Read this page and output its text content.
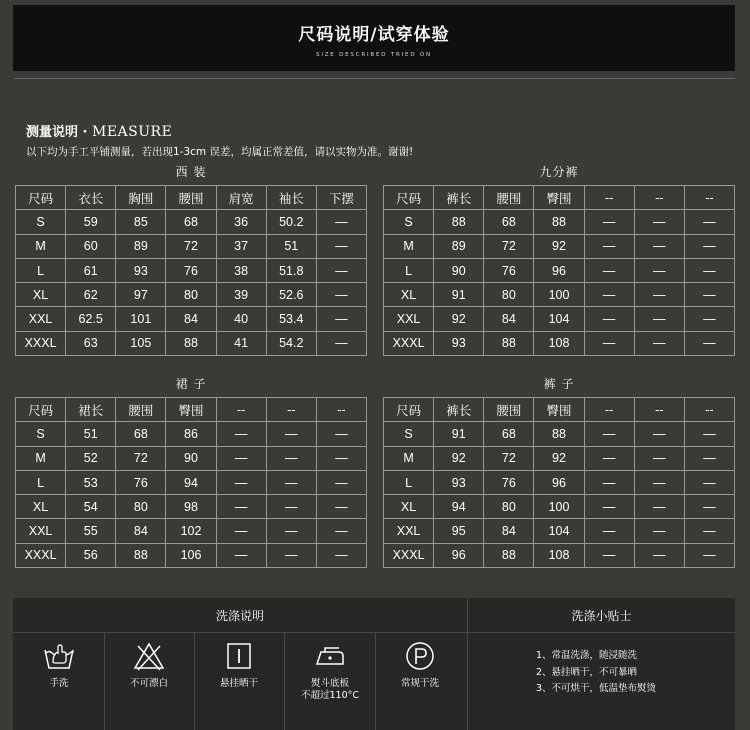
尺码说明/试穿体验
SIZE DESCRIBED TRIED ON
测量说明 · MEASURE
以下均为手工平铺测量，若出现1-3cm 误差，均属正常差值，请以实物为准。谢谢!
西 装
尺码	衣长	胸围	腰围	肩宽	袖长	下摆
S	59	85	68	36	50.2	—
M	60	89	72	37	51	—
L	61	93	76	38	51.8	—
XL	62	97	80	39	52.6	—
XXL	62.5	101	84	40	53.4	—
XXXL	63	105	88	41	54.2	—
九分裤
尺码	裤长	腰围	臀围	--	--	--
S	88	68	88	—	—	—
M	89	72	92	—	—	—
L	90	76	96	—	—	—
XL	91	80	100	—	—	—
XXL	92	84	104	—	—	—
XXXL	93	88	108	—	—	—
裙 子
尺码	裙长	腰围	臀围	--	--	--
S	51	68	86	—	—	—
M	52	72	90	—	—	—
L	53	76	94	—	—	—
XL	54	80	98	—	—	—
XXL	55	84	102	—	—	—
XXXL	56	88	106	—	—	—
裤 子
尺码	裤长	腰围	臀围	--	--	--
S	91	68	88	—	—	—
M	92	72	92	—	—	—
L	93	76	96	—	—	—
XL	94	80	100	—	—	—
XXL	95	84	104	—	—	—
XXXL	96	88	108	—	—	—
洗涤说明	洗涤小贴士
手洗	不可漂白	悬挂晒干	熨斗底板
不超过110°C
常规干洗
1、常温洗涤，随浸随洗
2、悬挂晒干，不可暴晒
3、不可烘干，低温垫布熨烫
